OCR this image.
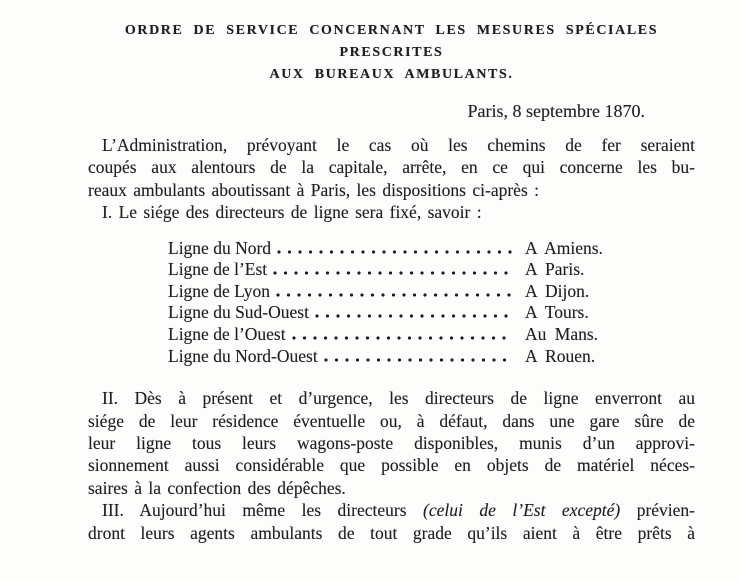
ORDRE DE SERVICE CONCERNANT LES MESURES SPÉCIALES PRESCRITES
AUX BUREAUX AMBULANTS.
Paris, 8 septembre 1870.
L’Administration, prévoyant le cas où les chemins de fer seraient
coupés aux alentours de la capitale, arrête, en ce qui concerne les bu-
reaux ambulants aboutissant à Paris, les dispositions ci-après :
I. Le siége des directeurs de ligne sera fixé, savoir :
Ligne du Nord	A Amiens.
Ligne de l’Est	A Paris.
Ligne de Lyon	A Dijon.
Ligne du Sud-Ouest	A Tours.
Ligne de l’Ouest	Au Mans.
Ligne du Nord-Ouest	A Rouen.
II. Dès à présent et d’urgence, les directeurs de ligne enverront au
siége de leur résidence éventuelle ou, à défaut, dans une gare sûre de
leur ligne tous leurs wagons-poste disponibles, munis d’un approvi-
sionnement aussi considérable que possible en objets de matériel néces-
saires à la confection des dépêches.
III. Aujourd’hui même les directeurs (celui de l’Est excepté) prévien-
dront leurs agents ambulants de tout grade qu’ils aient à être prêts à
